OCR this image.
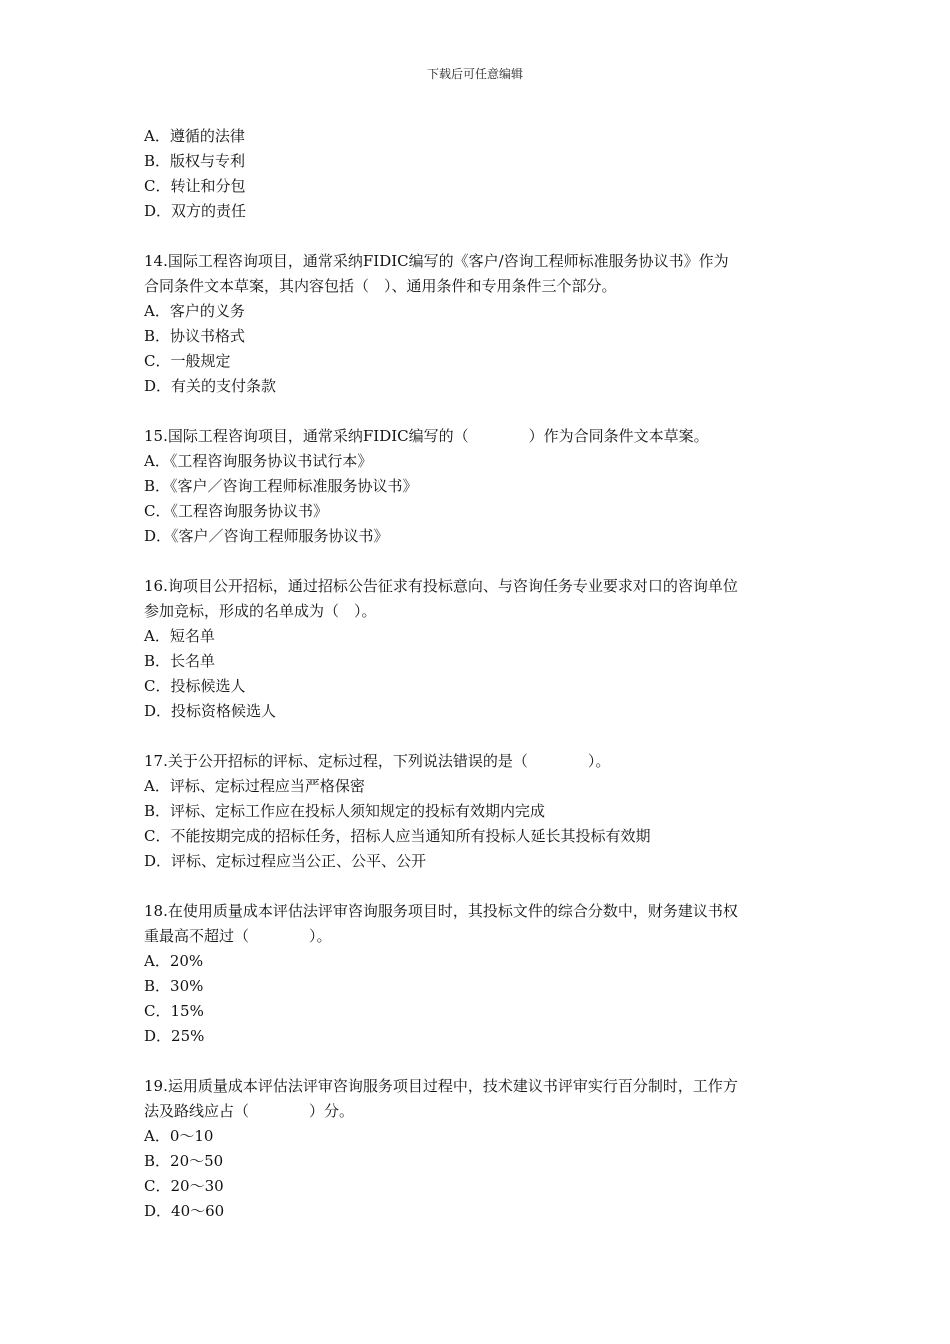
下载后可任意编辑
A．遵循的法律
B．版权与专利
C．转让和分包
D．双方的责任
14.国际工程咨询项目，通常采纳FIDIC编写的《客户/咨询工程师标准服务协议书》作为
合同条件文本草案，其内容包括（　）、通用条件和专用条件三个部分。
A．客户的义务
B．协议书格式
C．一般规定
D．有关的支付条款
15.国际工程咨询项目，通常采纳FIDIC编写的（　　　　）作为合同条件文本草案。
A．《工程咨询服务协议书试行本》
B．《客户／咨询工程师标准服务协议书》
C．《工程咨询服务协议书》
D．《客户／咨询工程师服务协议书》
16.询项目公开招标，通过招标公告征求有投标意向、与咨询任务专业要求对口的咨询单位
参加竞标，形成的名单成为（　）。
A．短名单
B．长名单
C．投标候选人
D．投标资格候选人
17.关于公开招标的评标、定标过程，下列说法错误的是（　　　　）。
A．评标、定标过程应当严格保密
B．评标、定标工作应在投标人须知规定的投标有效期内完成
C．不能按期完成的招标任务，招标人应当通知所有投标人延长其投标有效期
D．评标、定标过程应当公正、公平、公开
18.在使用质量成本评估法评审咨询服务项目时，其投标文件的综合分数中，财务建议书权
重最高不超过（　　　　）。
A．20%
B．30%
C．15%
D．25%
19.运用质量成本评估法评审咨询服务项目过程中，技术建议书评审实行百分制时，工作方
法及路线应占（　　　　）分。
A．0～10
B．20～50
C．20～30
D．40～60
